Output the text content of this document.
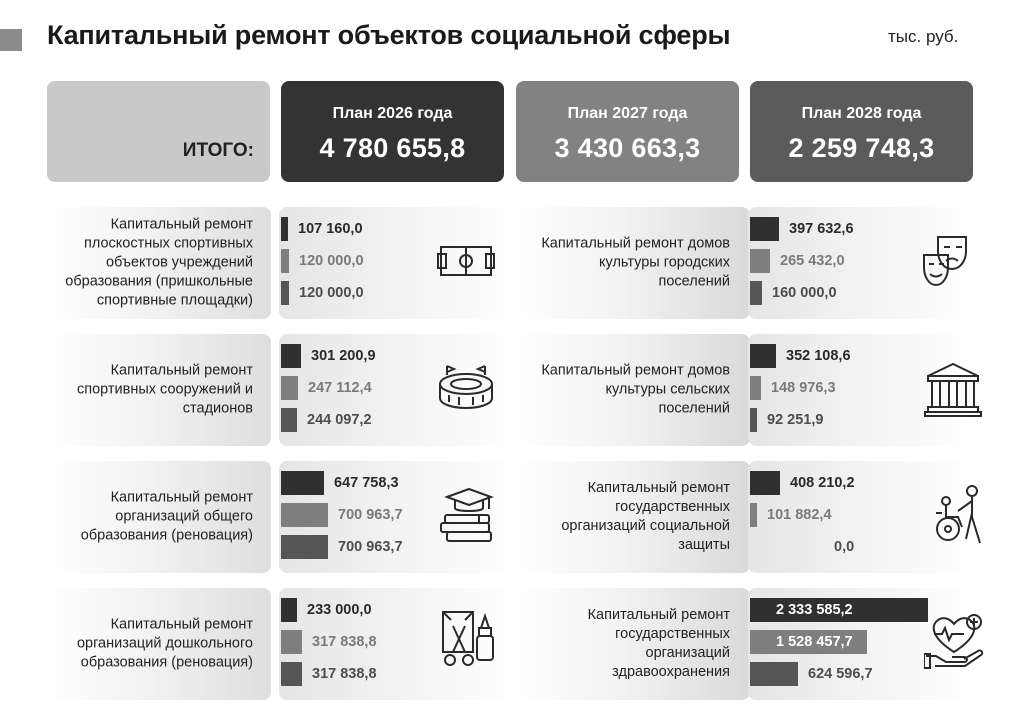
Капитальный ремонт объектов социальной сферы	тыс. руб.
ИТОГО:
План 2026 года
4 780 655,8
План 2027 года
3 430 663,3
План 2028 года
2 259 748,3
Капитальный ремонт плоскостных спортивных объектов учреждений образования (пришкольные спортивные площадки)
Капитальный ремонт спортивных сооружений и стадионов
Капитальный ремонт организаций общего образования (реновация)
Капитальный ремонт организаций дошкольного образования (реновация)
107 160,0
120 000,0
120 000,0
301 200,9
247 112,4
244 097,2
647 758,3
700 963,7
700 963,7
233 000,0
317 838,8
317 838,8
Капитальный ремонт домов культуры городских поселений
Капитальный ремонт домов культуры сельских поселений
Капитальный ремонт государственных организаций социальной защиты
Капитальный ремонт государственных организаций здравоохранения
397 632,6
265 432,0
160 000,0
352 108,6
148 976,3
92 251,9
408 210,2
101 882,4
0,0
2 333 585,2
1 528 457,7
624 596,7
